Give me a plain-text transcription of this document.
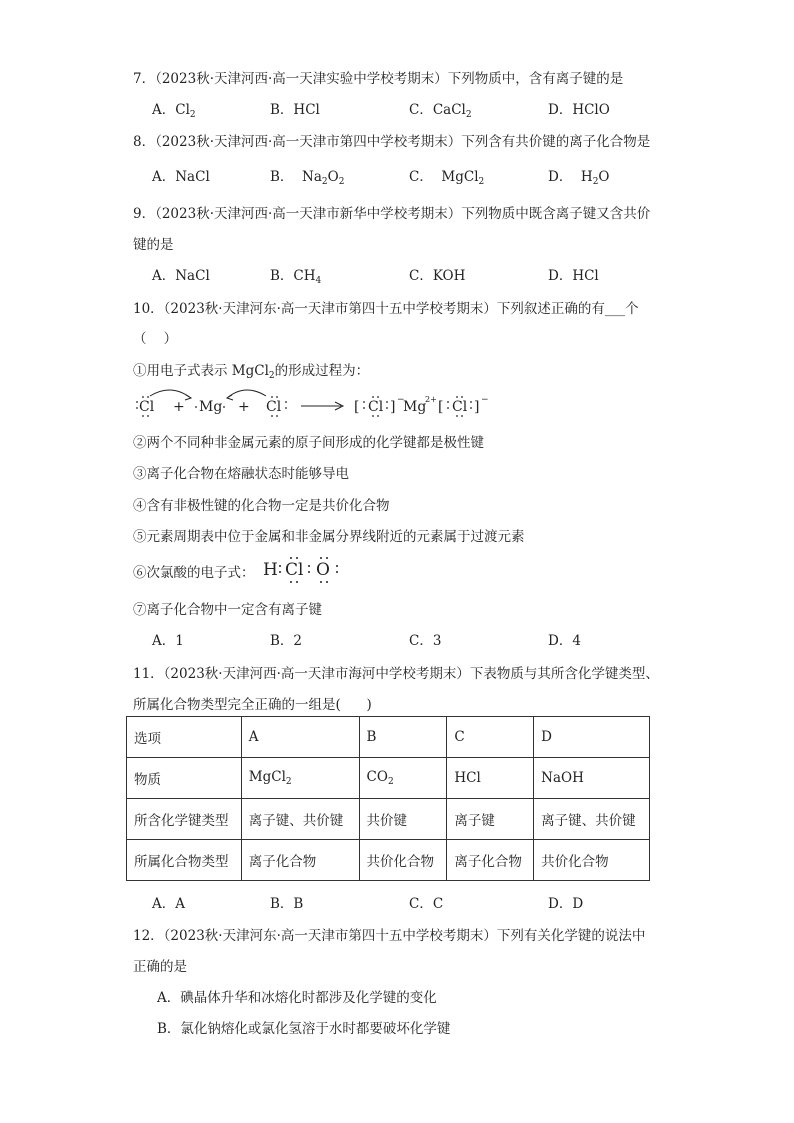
7．（2023秋·天津河西·高一天津实验中学校考期末）下列物质中，含有离子键的是
A．$Cl_2$	B．HCl	C．CaCl$_2$	D．HClO
8．（2023秋·天津河西·高一天津市第四中学校考期末）下列含有共价键的离子化合物是
A．NaCl	B．  $Na_2O_2$	C．  MgCl$_2$	D．  $H_2O$
9．（2023秋·天津河西·高一天津市新华中学校考期末）下列物质中既含离子键又含共价
键的是
A．NaCl	B．$CH_4$	C．KOH	D．HCl
10．（2023秋·天津河东·高一天津市第四十五中学校考期末）下列叙述正确的有___个
（    ）
①用电子式表示 MgCl$_2$的形成过程为：
Cl + Mg + Cl	[ Cl ] −
Mg
2+ [ Cl ] −
②两个不同种非金属元素的原子间形成的化学键都是极性键
③离子化合物在熔融状态时能够导电
④含有非极性键的化合物一定是共价化合物
⑤元素周期表中位于金属和非金属分界线附近的元素属于过渡元素
⑥次氯酸的电子式： H Cl O
⑦离子化合物中一定含有离子键
A．1	B．2	C．3	D．4
11．（2023秋·天津河西·高一天津市海河中学校考期末）下表物质与其所含化学键类型、
所属化合物类型完全正确的一组是(      )
选项	A	B	C	D
物质	MgCl$_2$	$CO_2$	HCl	NaOH
所含化学键类型	离子键、共价键	共价键	离子键	离子键、共价键
所属化合物类型	离子化合物	共价化合物	离子化合物	共价化合物
A．A	B．B	C．C	D．D
12．（2023秋·天津河东·高一天津市第四十五中学校考期末）下列有关化学键的说法中
正确的是
A．碘晶体升华和冰熔化时都涉及化学键的变化
B．氯化钠熔化或氯化氢溶于水时都要破坏化学键
